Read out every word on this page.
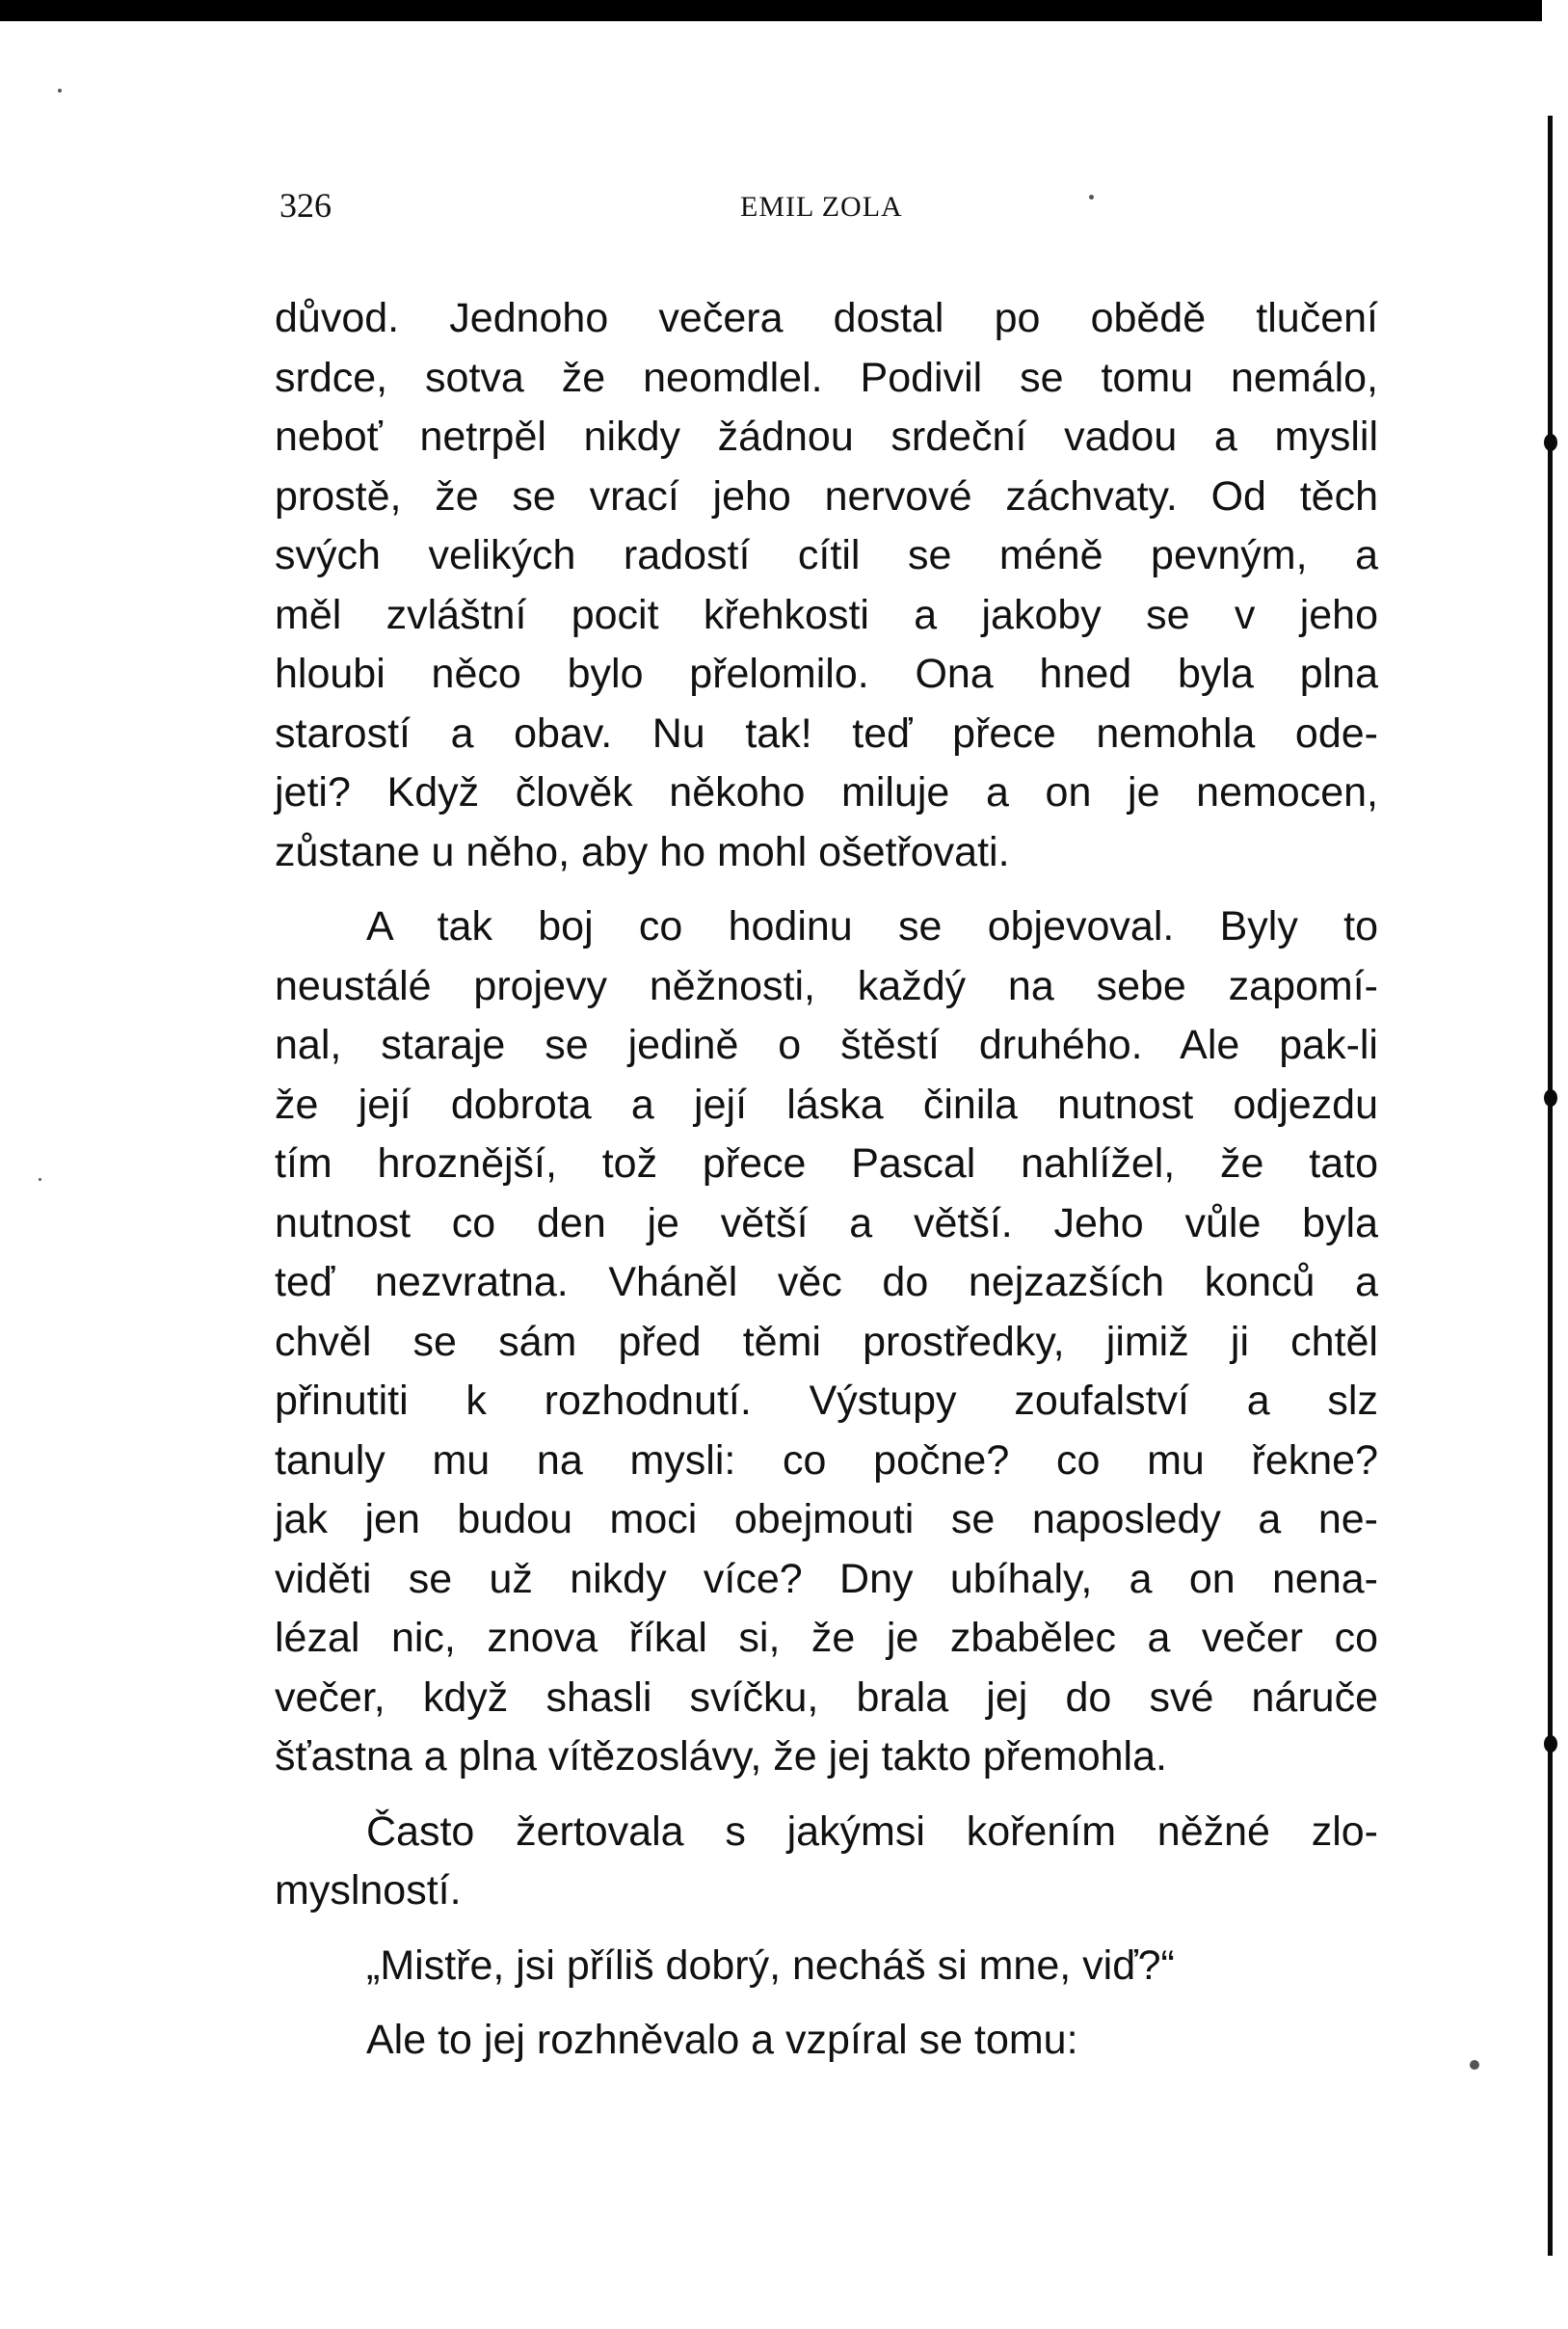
326	EMIL ZOLA

důvod. Jednoho večera dostal po obědě tlučení
srdce, sotva že neomdlel. Podivil se tomu nemálo,
neboť netrpěl nikdy žádnou srdeční vadou a myslil
prostě, že se vrací jeho nervové záchvaty. Od těch
svých velikých radostí cítil se méně pevným, a
měl zvláštní pocit křehkosti a jakoby se v jeho
hloubi něco bylo přelomilo. Ona hned byla plna
starostí a obav. Nu tak! teď přece nemohla ode-
jeti? Když člověk někoho miluje a on je nemocen,
zůstane u něho, aby ho mohl ošetřovati.

A tak boj co hodinu se objevoval. Byly to
neustálé projevy něžnosti, každý na sebe zapomí-
nal, staraje se jedině o štěstí druhého. Ale pak-li
že její dobrota a její láska činila nutnost odjezdu
tím hroznější, tož přece Pascal nahlížel, že tato
nutnost co den je větší a větší. Jeho vůle byla
teď nezvratna. Vháněl věc do nejzazších konců a
chvěl se sám před těmi prostředky, jimiž ji chtěl
přinutiti k rozhodnutí. Výstupy zoufalství a slz
tanuly mu na mysli: co počne? co mu řekne?
jak jen budou moci obejmouti se naposledy a ne-
viděti se už nikdy více? Dny ubíhaly, a on nena-
lézal nic, znova říkal si, že je zbabělec a večer co
večer, když shasli svíčku, brala jej do své náruče
šťastna a plna vítězoslávy, že jej takto přemohla.

Často žertovala s jakýmsi kořením něžné zlo-
myslností.

„Mistře, jsi příliš dobrý, necháš si mne, viď?“

Ale to jej rozhněvalo a vzpíral se tomu:
